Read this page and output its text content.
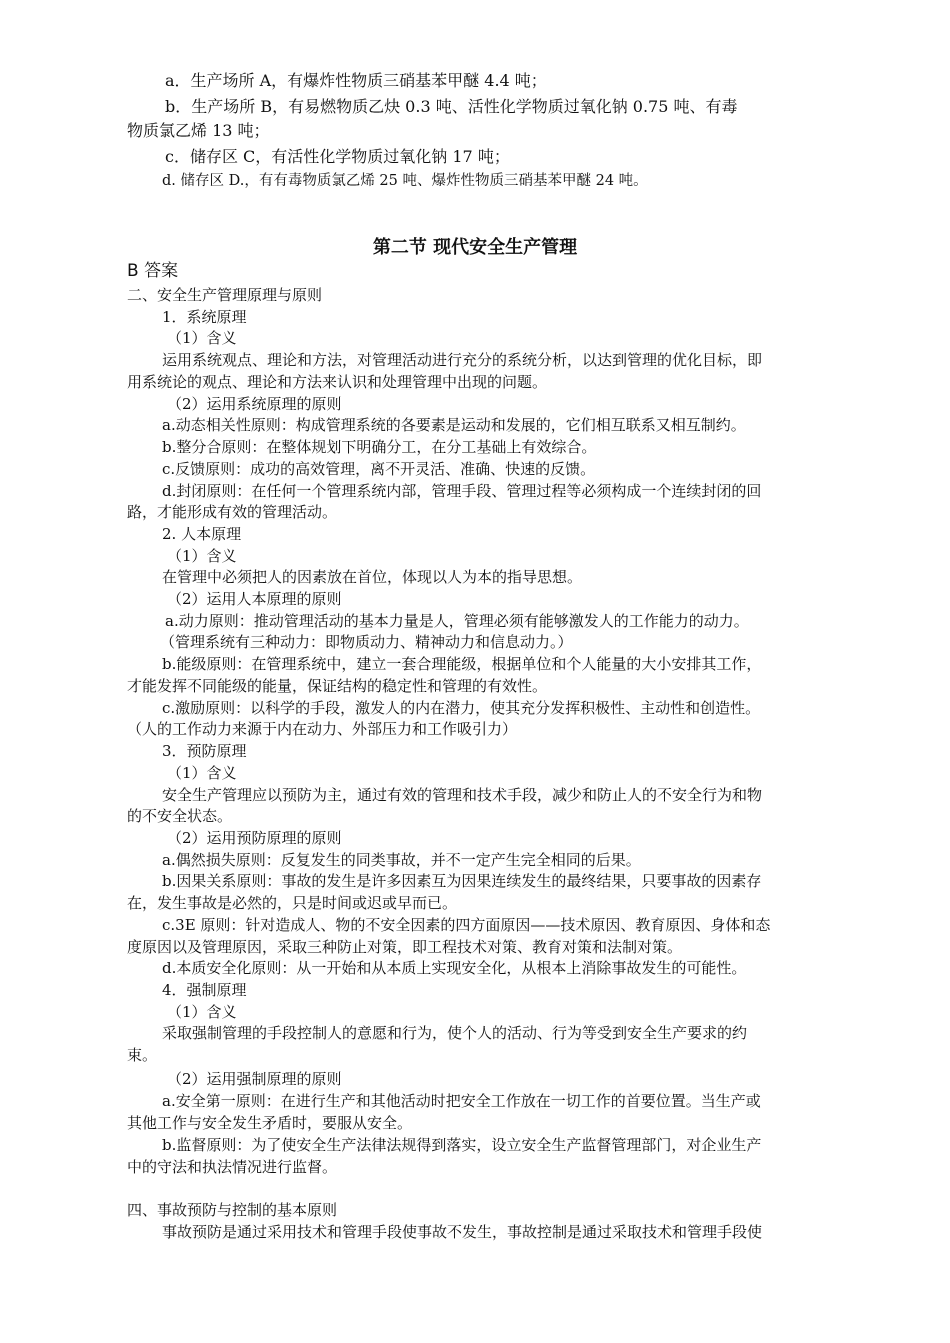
a．生产场所 A，有爆炸性物质三硝基苯甲醚 4.4 吨；
b．生产场所 B，有易燃物质乙炔 0.3 吨、活性化学物质过氧化钠 0.75 吨、有毒
物质氯乙烯 13 吨；
c．储存区 C，有活性化学物质过氧化钠 17 吨；
d. 储存区 D.，有有毒物质氯乙烯 25 吨、爆炸性物质三硝基苯甲醚 24 吨。
第二节 现代安全生产管理
B 答案
二、安全生产管理原理与原则
1．系统原理
（1）含义
运用系统观点、理论和方法，对管理活动进行充分的系统分析，以达到管理的优化目标，即
用系统论的观点、理论和方法来认识和处理管理中出现的问题。
（2）运用系统原理的原则
a.动态相关性原则：构成管理系统的各要素是运动和发展的，它们相互联系又相互制约。
b.整分合原则：在整体规划下明确分工，在分工基础上有效综合。
c.反馈原则：成功的高效管理，离不开灵活、准确、快速的反馈。
d.封闭原则：在任何一个管理系统内部，管理手段、管理过程等必须构成一个连续封闭的回
路，才能形成有效的管理活动。
2. 人本原理
（1）含义
在管理中必须把人的因素放在首位，体现以人为本的指导思想。
（2）运用人本原理的原则
a.动力原则：推动管理活动的基本力量是人，管理必须有能够激发人的工作能力的动力。
（管理系统有三种动力：即物质动力、精神动力和信息动力。）
b.能级原则：在管理系统中，建立一套合理能级，根据单位和个人能量的大小安排其工作，
才能发挥不同能级的能量，保证结构的稳定性和管理的有效性。
c.激励原则：以科学的手段，激发人的内在潜力，使其充分发挥积极性、主动性和创造性。
（人的工作动力来源于内在动力、外部压力和工作吸引力）
3．预防原理
（1）含义
安全生产管理应以预防为主，通过有效的管理和技术手段，减少和防止人的不安全行为和物
的不安全状态。
（2）运用预防原理的原则
a.偶然损失原则：反复发生的同类事故，并不一定产生完全相同的后果。
b.因果关系原则：事故的发生是许多因素互为因果连续发生的最终结果，只要事故的因素存
在，发生事故是必然的，只是时间或迟或早而已。
c.3E 原则：针对造成人、物的不安全因素的四方面原因——技术原因、教育原因、身体和态
度原因以及管理原因，采取三种防止对策，即工程技术对策、教育对策和法制对策。
d.本质安全化原则：从一开始和从本质上实现安全化，从根本上消除事故发生的可能性。
4．强制原理
（1）含义
采取强制管理的手段控制人的意愿和行为，使个人的活动、行为等受到安全生产要求的约
束。
（2）运用强制原理的原则
a.安全第一原则：在进行生产和其他活动时把安全工作放在一切工作的首要位置。当生产或
其他工作与安全发生矛盾时，要服从安全。
b.监督原则：为了使安全生产法律法规得到落实，设立安全生产监督管理部门，对企业生产
中的守法和执法情况进行监督。
四、事故预防与控制的基本原则
事故预防是通过采用技术和管理手段使事故不发生，事故控制是通过采取技术和管理手段使
